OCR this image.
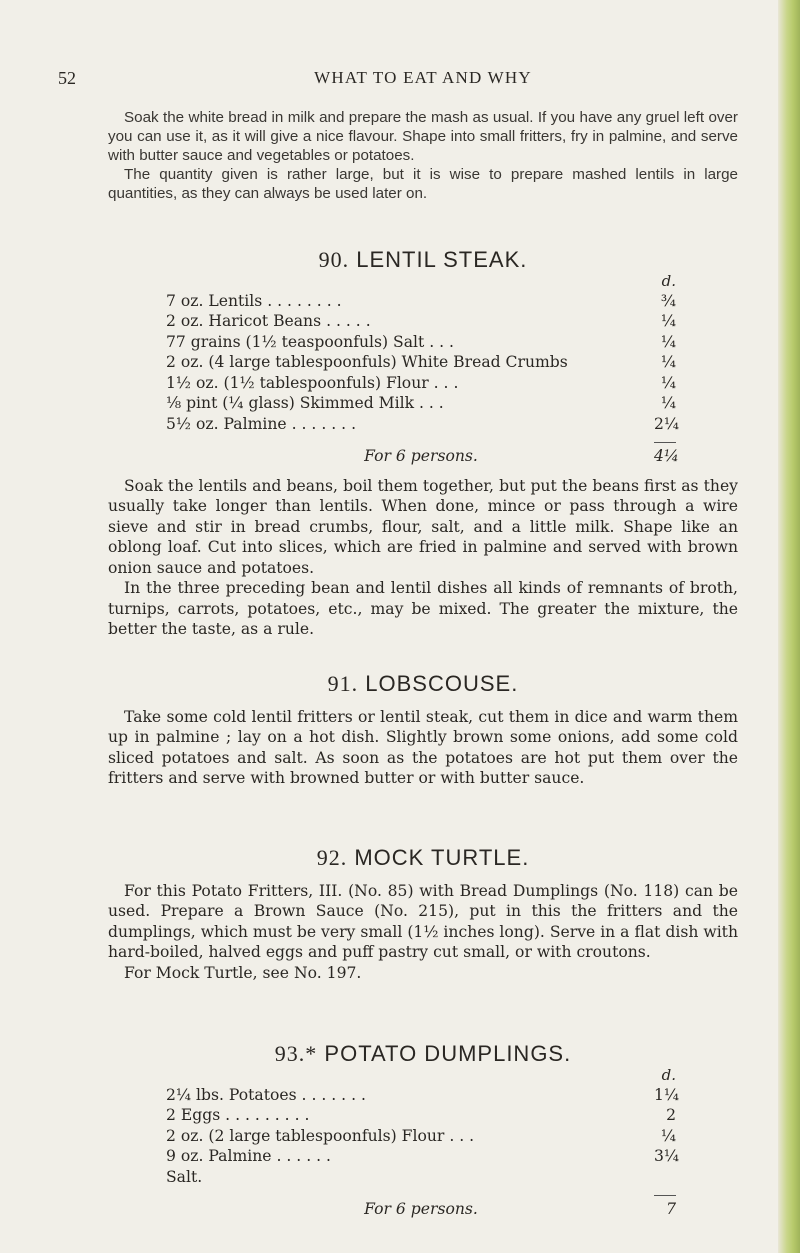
52	WHAT TO EAT AND WHY

Soak the white bread in milk and prepare the mash as usual. If you have any gruel left over you can use it, as it will give a nice flavour. Shape into small fritters, fry in palmine, and serve with butter sauce and vegetables or potatoes.

The quantity given is rather large, but it is wise to prepare mashed lentils in large quantities, as they can always be used later on.

90. LENTIL STEAK.
d.
7 oz. Lentils . . . . . . . .	¾
2 oz. Haricot Beans . . . . .	¼
77 grains (1½ teaspoonfuls) Salt . . .	¼
2 oz. (4 large tablespoonfuls) White Bread Crumbs	¼
1½ oz. (1½ tablespoonfuls) Flour . . .	¼
⅛ pint (¼ glass) Skimmed Milk . . .	¼
5½ oz. Palmine . . . . . . .	2¼
For 6 persons.	4¼

Soak the lentils and beans, boil them together, but put the beans first as they usually take longer than lentils. When done, mince or pass through a wire sieve and stir in bread crumbs, flour, salt, and a little milk. Shape like an oblong loaf. Cut into slices, which are fried in palmine and served with brown onion sauce and potatoes.

In the three preceding bean and lentil dishes all kinds of remnants of broth, turnips, carrots, potatoes, etc., may be mixed. The greater the mixture, the better the taste, as a rule.

91. LOBSCOUSE.

Take some cold lentil fritters or lentil steak, cut them in dice and warm them up in palmine ; lay on a hot dish. Slightly brown some onions, add some cold sliced potatoes and salt. As soon as the potatoes are hot put them over the fritters and serve with browned butter or with butter sauce.

92. MOCK TURTLE.

For this Potato Fritters, III. (No. 85) with Bread Dumplings (No. 118) can be used. Prepare a Brown Sauce (No. 215), put in this the fritters and the dumplings, which must be very small (1½ inches long). Serve in a flat dish with hard-boiled, halved eggs and puff pastry cut small, or with croutons.

For Mock Turtle, see No. 197.

93.* POTATO DUMPLINGS.
d.
2¼ lbs. Potatoes . . . . . . .	1¼
2 Eggs . . . . . . . . .	2
2 oz. (2 large tablespoonfuls) Flour . . .	¼
9 oz. Palmine . . . . . .	3¼
Salt.
For 6 persons.	7
